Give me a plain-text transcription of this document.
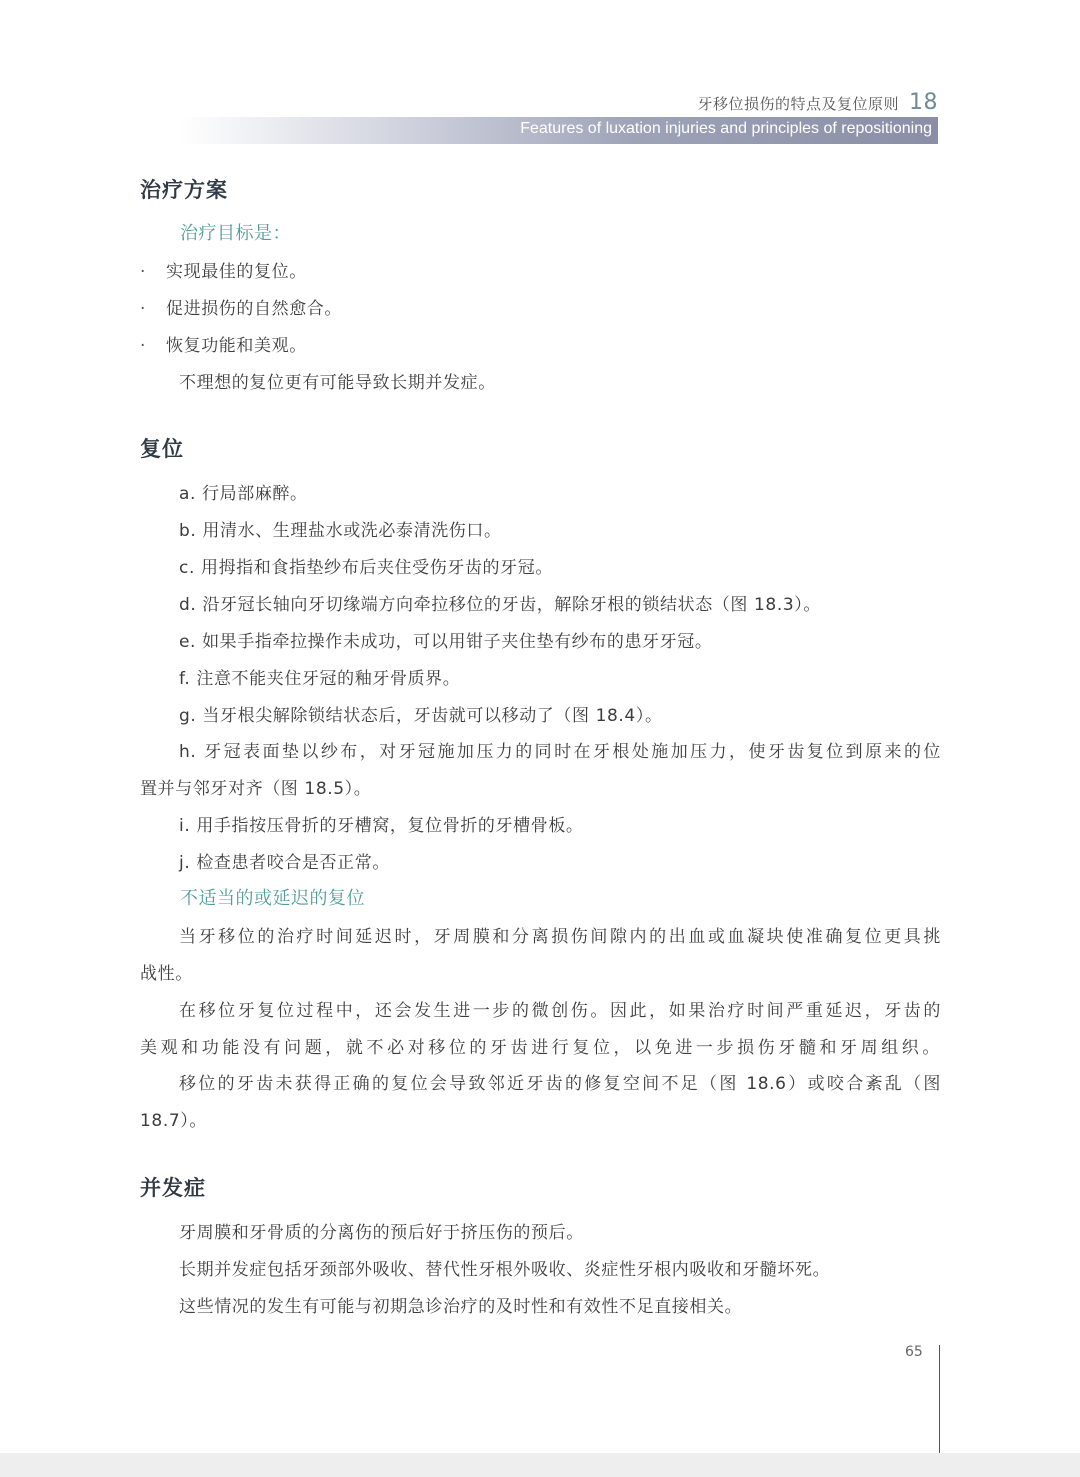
牙移位损伤的特点及复位原则 18
Features of luxation injuries and principles of repositioning
治疗方案
治疗目标是：
· 实现最佳的复位。
· 促进损伤的自然愈合。
· 恢复功能和美观。
不理想的复位更有可能导致长期并发症。
复位
a. 行局部麻醉。
b. 用清水、生理盐水或洗必泰清洗伤口。
c. 用拇指和食指垫纱布后夹住受伤牙齿的牙冠。
d. 沿牙冠长轴向牙切缘端方向牵拉移位的牙齿，解除牙根的锁结状态（图 18.3）。
e. 如果手指牵拉操作未成功，可以用钳子夹住垫有纱布的患牙牙冠。
f. 注意不能夹住牙冠的釉牙骨质界。
g. 当牙根尖解除锁结状态后，牙齿就可以移动了（图 18.4）。
h. 牙冠表面垫以纱布，对牙冠施加压力的同时在牙根处施加压力，使牙齿复位到原来的位
置并与邻牙对齐（图 18.5）。
i. 用手指按压骨折的牙槽窝，复位骨折的牙槽骨板。
j. 检查患者咬合是否正常。
不适当的或延迟的复位
当牙移位的治疗时间延迟时，牙周膜和分离损伤间隙内的出血或血凝块使准确复位更具挑
战性。
在移位牙复位过程中，还会发生进一步的微创伤。因此，如果治疗时间严重延迟，牙齿的
美观和功能没有问题，就不必对移位的牙齿进行复位，以免进一步损伤牙髓和牙周组织。
移位的牙齿未获得正确的复位会导致邻近牙齿的修复空间不足（图 18.6）或咬合紊乱（图
18.7）。
并发症
牙周膜和牙骨质的分离伤的预后好于挤压伤的预后。
长期并发症包括牙颈部外吸收、替代性牙根外吸收、炎症性牙根内吸收和牙髓坏死。
这些情况的发生有可能与初期急诊治疗的及时性和有效性不足直接相关。
65
